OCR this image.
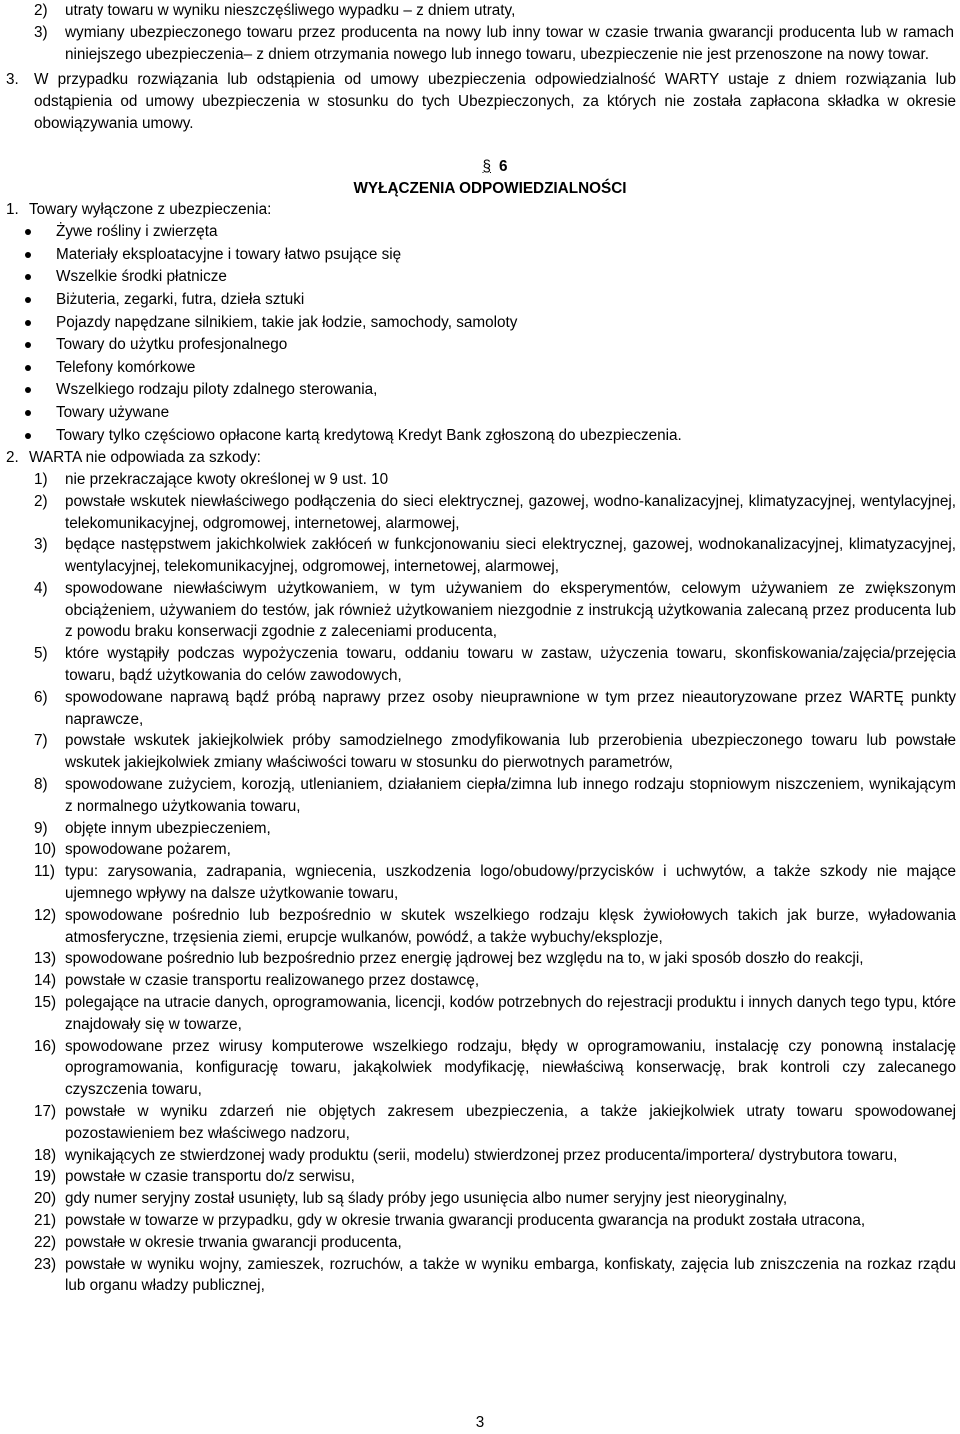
2) utraty towaru w wyniku nieszczęśliwego wypadku – z dniem utraty,
3) wymiany ubezpieczonego towaru przez producenta na nowy lub inny towar w czasie trwania gwarancji producenta lub w ramach niniejszego ubezpieczenia– z dniem otrzymania nowego lub innego towaru, ubezpieczenie nie jest przenoszone na nowy towar.
3. W przypadku rozwiązania lub odstąpienia od umowy ubezpieczenia odpowiedzialność WARTY ustaje z dniem rozwiązania lub odstąpienia od umowy ubezpieczenia w stosunku do tych Ubezpieczonych, za których nie została zapłacona składka w okresie obowiązywania umowy.
§ 6
WYŁĄCZENIA ODPOWIEDZIALNOŚCI
1. Towary wyłączone z ubezpieczenia:
Żywe rośliny i zwierzęta
Materiały eksploatacyjne i towary łatwo psujące się
Wszelkie środki płatnicze
Biżuteria, zegarki, futra, dzieła sztuki
Pojazdy napędzane silnikiem, takie jak łodzie, samochody, samoloty
Towary do użytku profesjonalnego
Telefony komórkowe
Wszelkiego rodzaju piloty zdalnego sterowania,
Towary używane
Towary tylko częściowo opłacone kartą kredytową Kredyt Bank zgłoszoną do ubezpieczenia.
2. WARTA nie odpowiada za szkody:
1) nie przekraczające kwoty określonej w 9 ust. 10
2) powstałe wskutek niewłaściwego podłączenia do sieci elektrycznej, gazowej, wodno-kanalizacyjnej, klimatyzacyjnej, wentylacyjnej, telekomunikacyjnej, odgromowej, internetowej, alarmowej,
3) będące następstwem jakichkolwiek zakłóceń w funkcjonowaniu sieci elektrycznej, gazowej, wodnokanalizacyjnej, klimatyzacyjnej, wentylacyjnej, telekomunikacyjnej, odgromowej, internetowej, alarmowej,
4) spowodowane niewłaściwym użytkowaniem, w tym używaniem do eksperymentów, celowym używaniem ze zwiększonym obciążeniem, używaniem do testów, jak również użytkowaniem niezgodnie z instrukcją użytkowania zalecaną przez producenta lub z powodu braku konserwacji zgodnie z zaleceniami producenta,
5) które wystąpiły podczas wypożyczenia towaru, oddaniu towaru w zastaw, użyczenia towaru, skonfiskowania/zajęcia/przejęcia towaru, bądź użytkowania do celów zawodowych,
6) spowodowane naprawą bądź próbą naprawy przez osoby nieuprawnione w tym przez nieautoryzowane przez WARTĘ punkty naprawcze,
7) powstałe wskutek jakiejkolwiek próby samodzielnego zmodyfikowania lub przerobienia ubezpieczonego towaru lub powstałe wskutek jakiejkolwiek zmiany właściwości towaru w stosunku do pierwotnych parametrów,
8) spowodowane zużyciem, korozją, utlenianiem, działaniem ciepła/zimna lub innego rodzaju stopniowym niszczeniem, wynikającym z normalnego użytkowania towaru,
9) objęte innym ubezpieczeniem,
10) spowodowane pożarem,
11) typu: zarysowania, zadrapania, wgniecenia, uszkodzenia logo/obudowy/przycisków i uchwytów, a także szkody nie mające ujemnego wpływy na dalsze użytkowanie towaru,
12) spowodowane pośrednio lub bezpośrednio w skutek wszelkiego rodzaju klęsk żywiołowych takich jak burze, wyładowania atmosferyczne, trzęsienia ziemi, erupcje wulkanów, powódź, a także wybuchy/eksplozje,
13) spowodowane pośrednio lub bezpośrednio przez energię jądrowej bez względu na to, w jaki sposób doszło do reakcji,
14) powstałe w czasie transportu realizowanego przez dostawcę,
15) polegające na utracie danych, oprogramowania, licencji, kodów potrzebnych do rejestracji produktu i innych danych tego typu, które znajdowały się w towarze,
16) spowodowane przez wirusy komputerowe wszelkiego rodzaju, błędy w oprogramowaniu, instalację czy ponowną instalację oprogramowania, konfigurację towaru, jakąkolwiek modyfikację, niewłaściwą konserwację, brak kontroli czy zalecanego czyszczenia towaru,
17) powstałe w wyniku zdarzeń nie objętych zakresem ubezpieczenia, a także jakiejkolwiek utraty towaru spowodowanej pozostawieniem bez właściwego nadzoru,
18) wynikających ze stwierdzonej wady produktu (serii, modelu) stwierdzonej przez producenta/importera/ dystrybutora towaru,
19) powstałe w czasie transportu do/z serwisu,
20) gdy numer seryjny został usunięty, lub są ślady próby jego usunięcia albo numer seryjny jest nieoryginalny,
21) powstałe w towarze w przypadku, gdy w okresie trwania gwarancji producenta gwarancja na produkt została utracona,
22) powstałe w okresie trwania gwarancji producenta,
23) powstałe w wyniku wojny, zamieszek, rozruchów, a także w wyniku embarga, konfiskaty, zajęcia lub zniszczenia na rozkaz rządu lub organu władzy publicznej,
3
